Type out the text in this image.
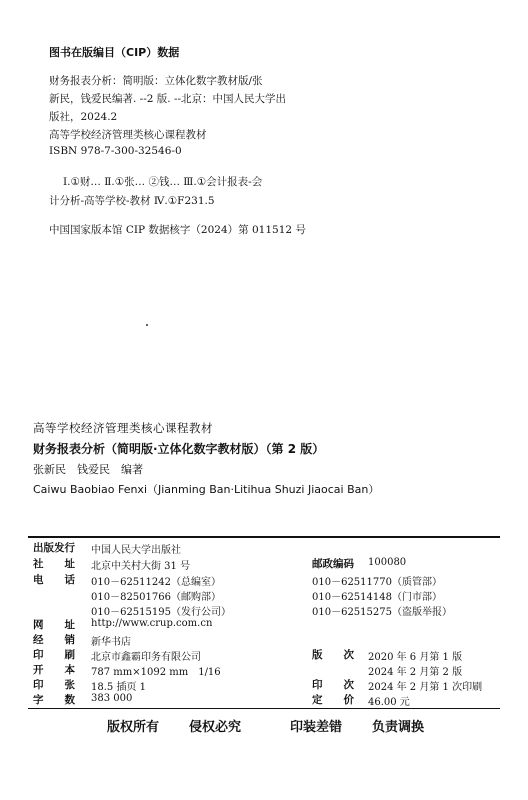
图书在版编目（CIP）数据
财务报表分析：简明版：立体化数字教材版/张
新民，钱爱民编著. --2 版. --北京：中国人民大学出
版社，2024.2
高等学校经济管理类核心课程教材
ISBN 978-7-300-32546-0
Ⅰ.①财… Ⅱ.①张… ②钱… Ⅲ.①会计报表-会
计分析-高等学校-教材 Ⅳ.①F231.5
中国国家版本馆 CIP 数据核字（2024）第 011512 号
高等学校经济管理类核心课程教材
财务报表分析（简明版·立体化数字教材版）（第 2 版）
张新民　钱爱民　编著
Caiwu Baobiao Fenxi（Jianming Ban·Litihua Shuzi Jiaocai Ban）
出版发行 中国人民大学出版社
社　　址 北京中关村大街 31 号	邮政编码 100080
电　　话 010－62511242（总编室）	010－62511770（质管部）
010－82501766（邮购部）	010－62514148（门市部）
010－62515195（发行公司）	010－62515275（盗版举报）
网　　址 http://www.crup.com.cn
经　　销 新华书店
印　　刷 北京市鑫霸印务有限公司	版　　次 2020 年 6 月第 1 版
开　　本 787 mm×1092 mm　1/16	2024 年 2 月第 2 版
印　　张 18.5 插页 1	印　　次 2024 年 2 月第 1 次印刷
字　　数 383 000	定　　价 46.00 元
版权所有 侵权必究	印装差错 负责调换
